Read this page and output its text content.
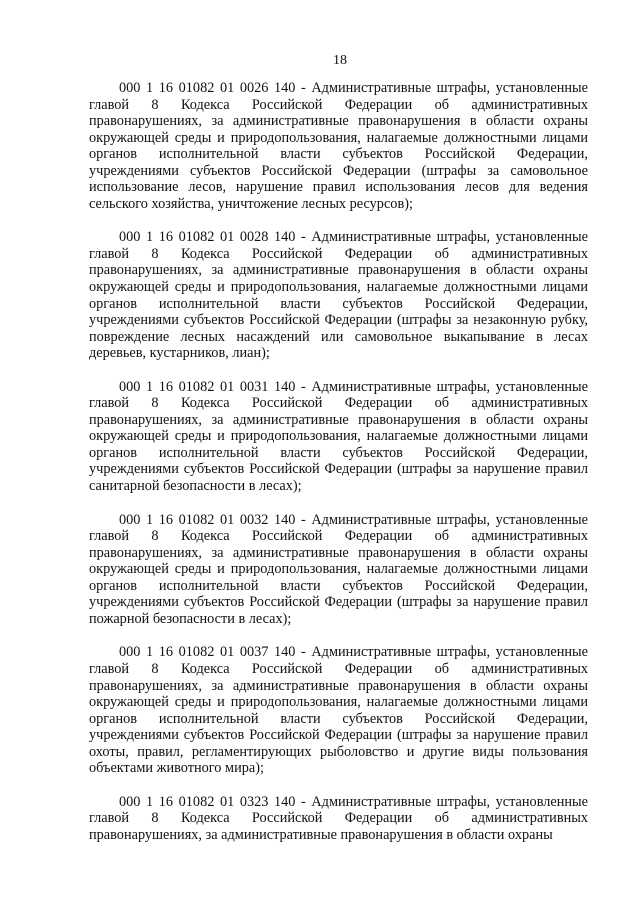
18

000 1 16 01082 01 0026 140 - Административные штрафы, установленные главой 8 Кодекса Российской Федерации об административных правонарушениях, за административные правонарушения в области охраны окружающей среды и природопользования, налагаемые должностными лицами органов исполнительной власти субъектов Российской Федерации, учреждениями субъектов Российской Федерации (штрафы за самовольное использование лесов, нарушение правил использования лесов для ведения сельского хозяйства, уничтожение лесных ресурсов);

000 1 16 01082 01 0028 140 - Административные штрафы, установленные главой 8 Кодекса Российской Федерации об административных правонарушениях, за административные правонарушения в области охраны окружающей среды и природопользования, налагаемые должностными лицами органов исполнительной власти субъектов Российской Федерации, учреждениями субъектов Российской Федерации (штрафы за незаконную рубку, повреждение лесных насаждений или самовольное выкапывание в лесах деревьев, кустарников, лиан);

000 1 16 01082 01 0031 140 - Административные штрафы, установленные главой 8 Кодекса Российской Федерации об административных правонарушениях, за административные правонарушения в области охраны окружающей среды и природопользования, налагаемые должностными лицами органов исполнительной власти субъектов Российской Федерации, учреждениями субъектов Российской Федерации (штрафы за нарушение правил санитарной безопасности в лесах);

000 1 16 01082 01 0032 140 - Административные штрафы, установленные главой 8 Кодекса Российской Федерации об административных правонарушениях, за административные правонарушения в области охраны окружающей среды и природопользования, налагаемые должностными лицами органов исполнительной власти субъектов Российской Федерации, учреждениями субъектов Российской Федерации (штрафы за нарушение правил пожарной безопасности в лесах);

000 1 16 01082 01 0037 140 - Административные штрафы, установленные главой 8 Кодекса Российской Федерации об административных правонарушениях, за административные правонарушения в области охраны окружающей среды и природопользования, налагаемые должностными лицами органов исполнительной власти субъектов Российской Федерации, учреждениями субъектов Российской Федерации (штрафы за нарушение правил охоты, правил, регламентирующих рыболовство и другие виды пользования объектами животного мира);

000 1 16 01082 01 0323 140 - Административные штрафы, установленные главой 8 Кодекса Российской Федерации об административных правонарушениях, за административные правонарушения в области охраны
